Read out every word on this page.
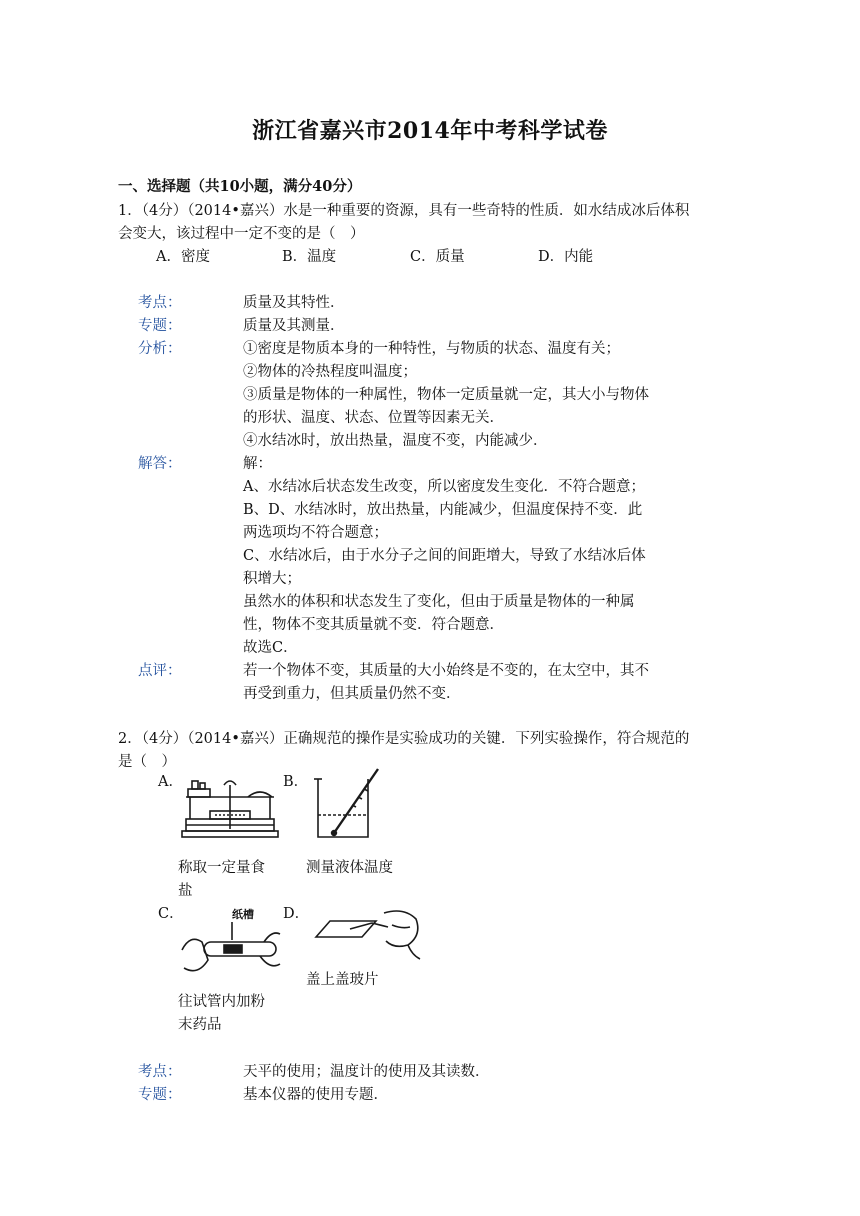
浙江省嘉兴市2014年中考科学试卷
一、选择题（共10小题，满分40分）
1．（4分）（2014•嘉兴）水是一种重要的资源，具有一些奇特的性质．如水结成冰后体积
会变大，该过程中一定不变的是（　）
A．密度	B．温度	C．质量	D．内能
考点：	质量及其特性．
专题：	质量及其测量．
分析：	①密度是物质本身的一种特性，与物质的状态、温度有关；
②物体的冷热程度叫温度；
③质量是物体的一种属性，物体一定质量就一定，其大小与物体
的形状、温度、状态、位置等因素无关．
④水结冰时，放出热量，温度不变，内能减少．
解答：	解：
A、水结冰后状态发生改变，所以密度发生变化．不符合题意；
B、D、水结冰时，放出热量，内能减少，但温度保持不变．此
两选项均不符合题意；
C、水结冰后，由于水分子之间的间距增大，导致了水结冰后体
积增大；
虽然水的体积和状态发生了变化，但由于质量是物体的一种属
性，物体不变其质量就不变．符合题意．
故选C．
点评：	若一个物体不变，其质量的大小始终是不变的，在太空中，其不
再受到重力，但其质量仍然不变．
2．（4分）（2014•嘉兴）正确规范的操作是实验成功的关键．下列实验操作，符合规范的
是（　）
A．	B．
称取一定量食
盐
测量液体温度
C．	D．
纸槽
盖上盖玻片
往试管内加粉
末药品
考点：	天平的使用；温度计的使用及其读数．
专题：	基本仪器的使用专题．
